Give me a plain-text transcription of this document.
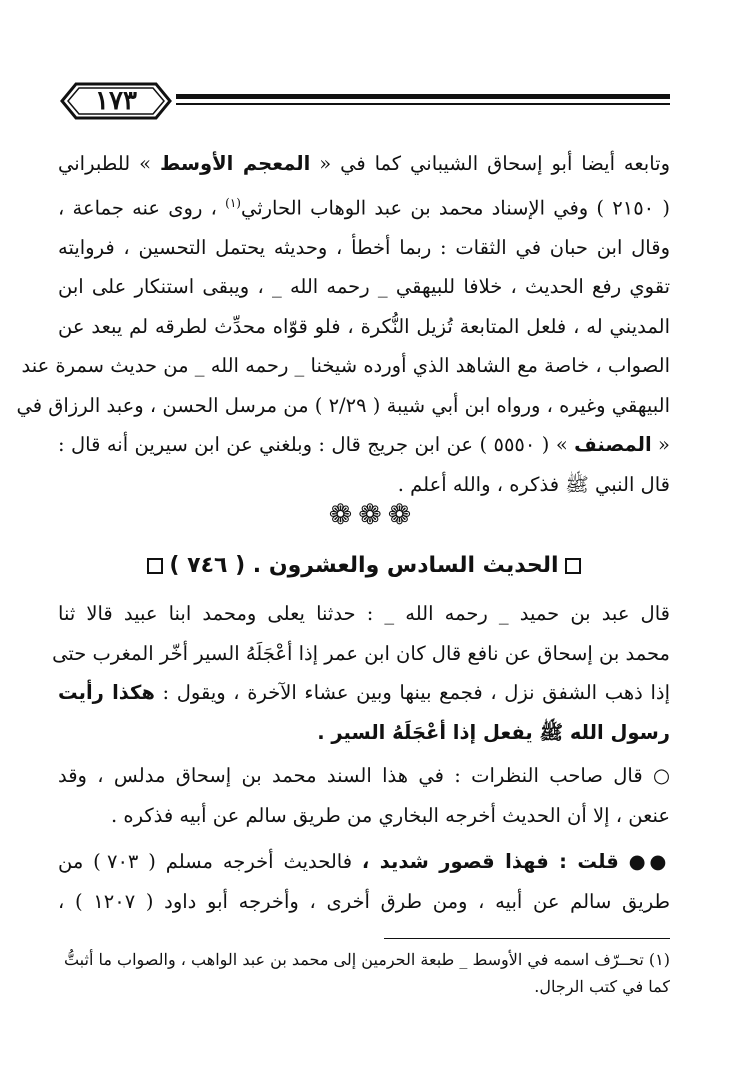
١٧٣
وتابعه أيضا أبو إسحاق الشيباني كما في « المعجم الأوسط » للطبراني
( ٢١٥٠ ) وفي الإسناد محمد بن عبد الوهاب الحارثي$^{(١)}$ ، روى عنه جماعة ،
وقال ابن حبان في الثقات : ربما أخطأ ، وحديثه يحتمل التحسين ، فروايته
تقوي رفع الحديث ، خلافا للبيهقي _ رحمه الله _ ، ويبقى استنكار على ابن
المديني له ، فلعل المتابعة تُزيل النُّكرة ، فلو قوّاه محدِّث لطرقه لم يبعد عن
الصواب ، خاصة مع الشاهد الذي أورده شيخنا _ رحمه الله _ من حديث سمرة عند
البيهقي وغيره ، ورواه ابن أبي شيبة ( ٢/٢٩ ) من مرسل الحسن ، وعبد الرزاق في
« المصنف » ( ٥٥٥٠ ) عن ابن جريج قال : وبلغني عن ابن سيرين أنه قال :
قال النبي ﷺ فذكره ، والله أعلم .
❁❁❁
الحديث السادس والعشرون . ( ٧٤٦ )
قال عبد بن حميد _ رحمه الله _ : حدثنا يعلى ومحمد ابنا عبيد قالا ثنا
محمد بن إسحاق عن نافع قال كان ابن عمر إذا أعْجَلَهُ السير أخّر المغرب حتى
إذا ذهب الشفق نزل ، فجمع بينها وبين عشاء الآخرة ، ويقول : هكذا رأيت
رسول الله ﷺ يفعل إذا أعْجَلَهُ السير .
○ قال صاحب النظرات : في هذا السند محمد بن إسحاق مدلس ، وقد
عنعن ، إلا أن الحديث أخرجه البخاري من طريق سالم عن أبيه فذكره .
●● قلت : فهذا قصور شديد ، فالحديث أخرجه مسلم ( ٧٠٣ ) من
طريق سالم عن أبيه ، ومن طرق أخرى ، وأخرجه أبو داود ( ١٢٠٧ ) ،
(١) تحــرّف اسمه في الأوسط _ طبعة الحرمين إلى محمد بن عبد الواهب ، والصواب ما أثبتُّ
كما في كتب الرجال.
